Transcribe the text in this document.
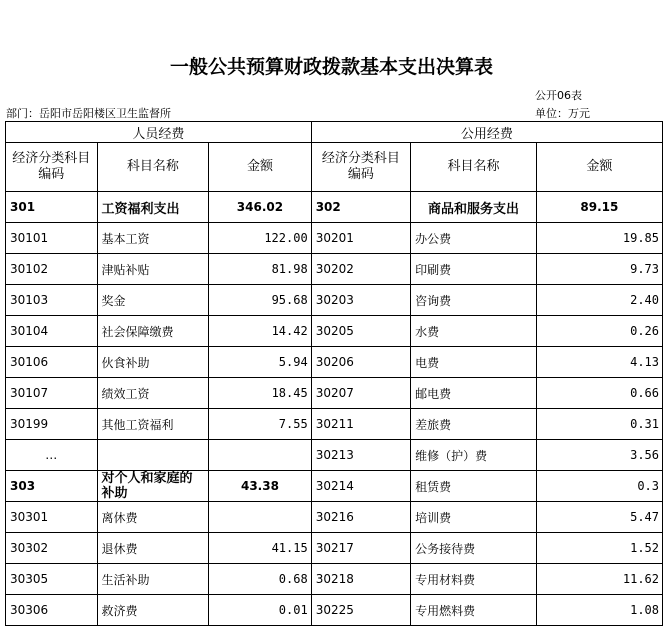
一般公共预算财政拨款基本支出决算表
公开06表
部门：岳阳市岳阳楼区卫生监督所	单位：万元
人员经费			公用经费		
经济分类科目编码	科目名称	金额	经济分类科目编码	科目名称	金额
301	工资福利支出	346.02	302	商品和服务支出	89.15
30101	基本工资	122.00	30201	办公费	19.85
30102	津贴补贴	81.98	30202	印刷费	9.73
30103	奖金	95.68	30203	咨询费	2.40
30104	社会保障缴费	14.42	30205	水费	0.26
30106	伙食补助	5.94	30206	电费	4.13
30107	绩效工资	18.45	30207	邮电费	0.66
30199	其他工资福利	7.55	30211	差旅费	0.31
…			30213	维修（护）费	3.56
303	对个人和家庭的补助	43.38	30214	租赁费	0.3
30301	离休费		30216	培训费	5.47
30302	退休费	41.15	30217	公务接待费	1.52
30305	生活补助	0.68	30218	专用材料费	11.62
30306	救济费	0.01	30225	专用燃料费	1.08
